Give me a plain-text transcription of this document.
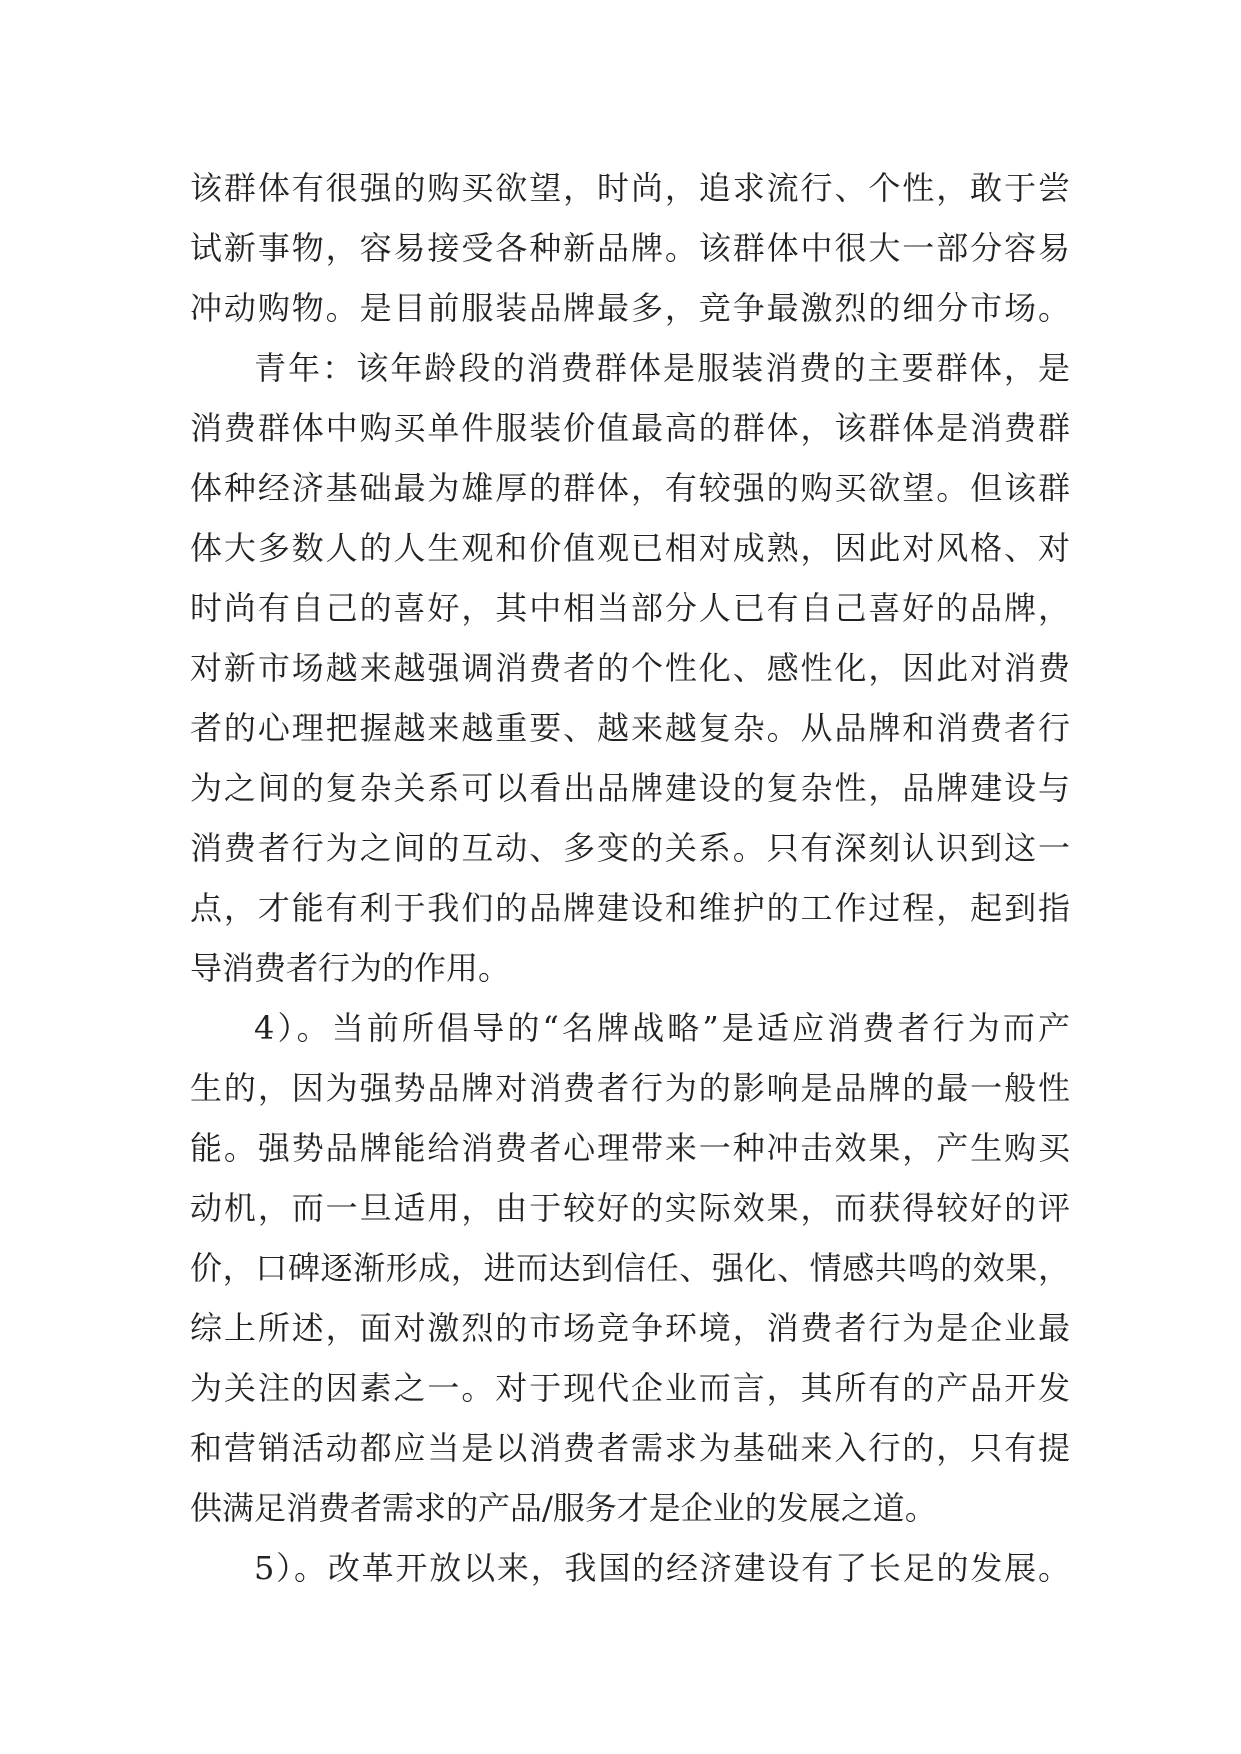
该群体有很强的购买欲望，时尚，追求流行、个性，敢于尝
试新事物，容易接受各种新品牌。该群体中很大一部分容易
冲动购物。是目前服装品牌最多，竞争最激烈的细分市场。
青年：该年龄段的消费群体是服装消费的主要群体，是
消费群体中购买单件服装价值最高的群体，该群体是消费群
体种经济基础最为雄厚的群体，有较强的购买欲望。但该群
体大多数人的人生观和价值观已相对成熟，因此对风格、对
时尚有自己的喜好，其中相当部分人已有自己喜好的品牌，
对新市场越来越强调消费者的个性化、感性化，因此对消费
者的心理把握越来越重要、越来越复杂。从品牌和消费者行
为之间的复杂关系可以看出品牌建设的复杂性，品牌建设与
消费者行为之间的互动、多变的关系。只有深刻认识到这一
点，才能有利于我们的品牌建设和维护的工作过程，起到指
导消费者行为的作用。
4）。当前所倡导的“名牌战略”是适应消费者行为而产
生的，因为强势品牌对消费者行为的影响是品牌的最一般性
能。强势品牌能给消费者心理带来一种冲击效果，产生购买
动机，而一旦适用，由于较好的实际效果，而获得较好的评
价，口碑逐渐形成，进而达到信任、强化、情感共鸣的效果，
综上所述，面对激烈的市场竞争环境，消费者行为是企业最
为关注的因素之一。对于现代企业而言，其所有的产品开发
和营销活动都应当是以消费者需求为基础来入行的，只有提
供满足消费者需求的产品/服务才是企业的发展之道。
5）。改革开放以来，我国的经济建设有了长足的发展。
